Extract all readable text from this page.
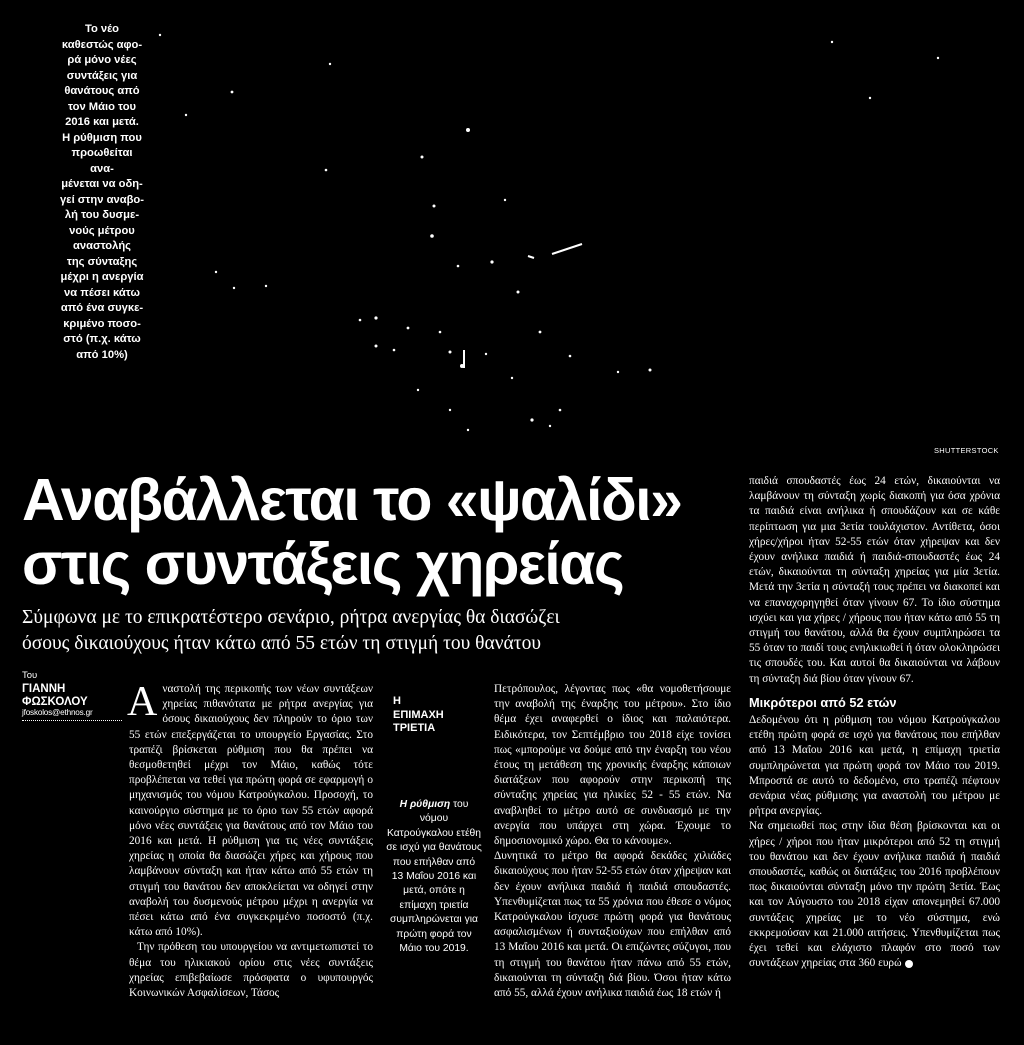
Το νέο καθεστώς αφο-
ρά μόνο νέες
συντάξεις για
θανάτους από
τον Μάιο του
2016 και μετά.
Η ρύθμιση που
προωθείται ανα-
μένεται να οδη-
γεί στην αναβο-
λή του δυσμε-
νούς μέτρου
αναστολής
της σύνταξης
μέχρι η ανεργία
να πέσει κάτω
από ένα συγκε-
κριμένο ποσο-
στό (π.χ. κάτω
από 10%)
SHUTTERSTOCK
Αναβάλλεται το «ψαλίδι»
στις συντάξεις χηρείας
Σύμφωνα με το επικρατέστερο σενάριο, ρήτρα ανεργίας θα διασώζει
όσους δικαιούχους ήταν κάτω από 55 ετών τη στιγμή του θανάτου
Του
ΓΙΑΝΝΗ
ΦΩΣΚΟΛΟΥ
jfoskolos@ethnos.gr Α ναστολή της περικοπής των νέων συντάξεων χηρείας πιθανότατα με ρήτρα ανεργίας για όσους δικαιούχους δεν πληρούν το όριο των 55 ετών επεξεργάζεται το υπουργείο Εργασίας. Στο τραπέζι βρίσκεται ρύθμιση που θα πρέπει να θεσμοθετηθεί μέχρι τον Μάιο, καθώς τότε προβλέπεται να τεθεί για πρώτη φορά σε εφαρμογή ο μηχανισμός του νόμου Κατρούγκαλου. Προσοχή, το καινούργιο σύστημα με το όριο των 55 ετών αφορά μόνο νέες συντάξεις για θανάτους από τον Μάιο του 2016 και μετά. Η ρύθμιση για τις νέες συντάξεις χηρείας η οποία θα διασώζει χήρες και χήρους που λαμβάνουν σύνταξη και ήταν κάτω από 55 ετών τη στιγμή του θανάτου δεν αποκλείεται να οδηγεί στην αναβολή του δυσμενούς μέτρου μέχρι η ανεργία να πέσει κάτω από ένα συγκεκριμένο ποσοστό (π.χ. κάτω από 10%).
Την πρόθεση του υπουργείου να αντιμετωπιστεί το θέμα του ηλικιακού ορίου στις νέες συντάξεις χηρείας επιβεβαίωσε πρόσφατα ο υφυπουργός Κοινωνικών Ασφαλίσεων, Τάσος
Η
ΕΠΙΜΑΧΗ
ΤΡΙΕΤΙΑ
Η ρύθμιση του νόμου Κατρούγκαλου ετέθη σε ισχύ για θανάτους που επήλθαν από 13 Μαΐου 2016 και μετά, οπότε η επίμαχη τριετία συμπληρώνεται για πρώτη φορά τον Μάιο του 2019.
Πετρόπουλος, λέγοντας πως «θα νομοθετήσουμε την αναβολή της έναρξης του μέτρου». Στο ίδιο θέμα έχει αναφερθεί ο ίδιος και παλαιότερα. Ειδικότερα, τον Σεπτέμβριο του 2018 είχε τονίσει πως «μπορούμε να δούμε από την έναρξη του νέου έτους τη μετάθεση της χρονικής έναρξης κάποιων διατάξεων που αφορούν στην περικοπή της σύνταξης χηρείας για ηλικίες 52 - 55 ετών. Να αναβληθεί το μέτρο αυτό σε συνδυασμό με την ανεργία που υπάρχει στη χώρα. Έχουμε το δημοσιονομικό χώρο. Θα το κάνουμε».
Δυνητικά το μέτρο θα αφορά δεκάδες χιλιάδες δικαιούχους που ήταν 52-55 ετών όταν χήρεψαν και δεν έχουν ανήλικα παιδιά ή παιδιά σπουδαστές. Υπενθυμίζεται πως τα 55 χρόνια που έθεσε ο νόμος Κατρούγκαλου ίσχυσε πρώτη φορά για θανάτους ασφαλισμένων ή συνταξιούχων που επήλθαν από 13 Μαΐου 2016 και μετά. Οι επιζώντες σύζυγοι, που τη στιγμή του θανάτου ήταν πάνω από 55 ετών, δικαιούνται τη σύνταξη διά βίου. Όσοι ήταν κάτω από 55, αλλά έχουν ανήλικα παιδιά έως 18 ετών ή
παιδιά σπουδαστές έως 24 ετών, δικαιούνται να λαμβάνουν τη σύνταξη χωρίς διακοπή για όσα χρόνια τα παιδιά είναι ανήλικα ή σπουδάζουν και σε κάθε περίπτωση για μια 3ετία τουλάχιστον. Αντίθετα, όσοι χήρες/χήροι ήταν 52-55 ετών όταν χήρεψαν και δεν έχουν ανήλικα παιδιά ή παιδιά-σπουδαστές έως 24 ετών, δικαιούνται τη σύνταξη χηρείας για μία 3ετία. Μετά την 3ετία η σύνταξή τους πρέπει να διακοπεί και να επαναχορηγηθεί όταν γίνουν 67. Το ίδιο σύστημα ισχύει και για χήρες / χήρους που ήταν κάτω από 55 τη στιγμή του θανάτου, αλλά θα έχουν συμπληρώσει τα 55 όταν το παιδί τους ενηλικιωθεί ή όταν ολοκληρώσει τις σπουδές του. Και αυτοί θα δικαιούνται να λάβουν τη σύνταξη διά βίου όταν γίνουν 67.
Μικρότεροι από 52 ετών
Δεδομένου ότι η ρύθμιση του νόμου Κατρούγκαλου ετέθη πρώτη φορά σε ισχύ για θανάτους που επήλθαν από 13 Μαΐου 2016 και μετά, η επίμαχη τριετία συμπληρώνεται για πρώτη φορά τον Μάιο του 2019. Μπροστά σε αυτό το δεδομένο, στο τραπέζι πέφτουν σενάρια νέας ρύθμισης για αναστολή του μέτρου με ρήτρα ανεργίας.
Να σημειωθεί πως στην ίδια θέση βρίσκονται και οι χήρες / χήροι που ήταν μικρότεροι από 52 τη στιγμή του θανάτου και δεν έχουν ανήλικα παιδιά ή παιδιά σπουδαστές, καθώς οι διατάξεις του 2016 προβλέπουν πως δικαιούνται σύνταξη μόνο την πρώτη 3ετία. Έως και τον Αύγουστο του 2018 είχαν απονεμηθεί 67.000 συντάξεις χηρείας με το νέο σύστημα, ενώ εκκρεμούσαν και 21.000 αιτήσεις. Υπενθυμίζεται πως έχει τεθεί και ελάχιστο πλαφόν στο ποσό των συντάξεων χηρείας στα 360 ευρώ
